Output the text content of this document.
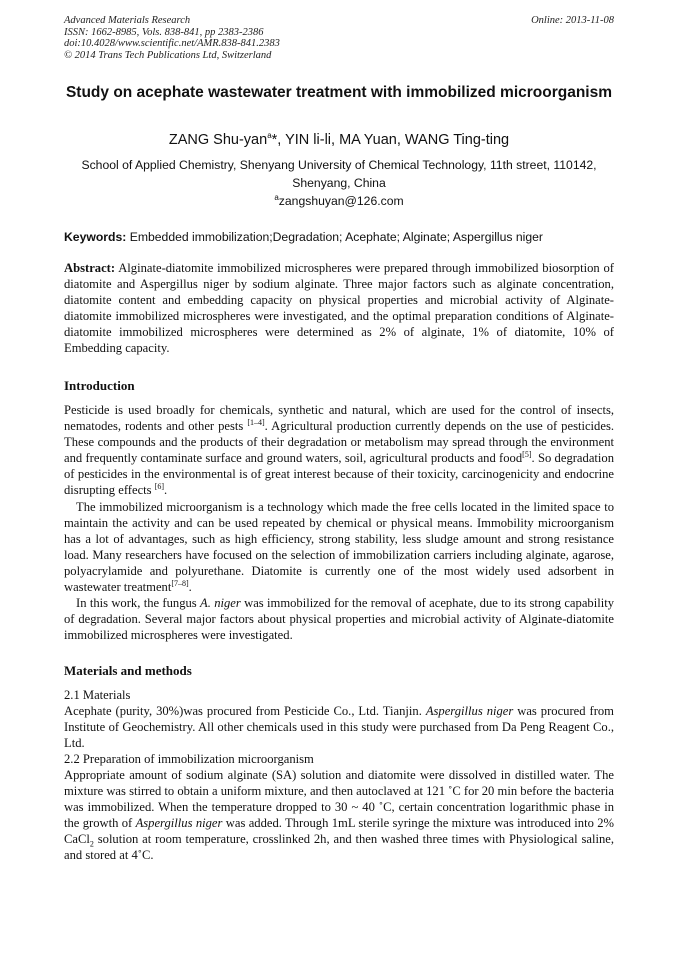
Advanced Materials Research
ISSN: 1662-8985, Vols. 838-841, pp 2383-2386
doi:10.4028/www.scientific.net/AMR.838-841.2383
© 2014 Trans Tech Publications Ltd, Switzerland
Online: 2013-11-08
Study on acephate wastewater treatment with immobilized microorganism
ZANG Shu-yan$^a$*, YIN li-li, MA Yuan, WANG Ting-ting
School of Applied Chemistry, Shenyang University of Chemical Technology, 11th street, 110142, Shenyang, China
$^a$zangshuyan@126.com
Keywords: Embedded immobilization;Degradation; Acephate; Alginate; Aspergillus niger
Abstract: Alginate-diatomite immobilized microspheres were prepared through immobilized biosorption of diatomite and Aspergillus niger by sodium alginate. Three major factors such as alginate concentration, diatomite content and embedding capacity on physical properties and microbial activity of Alginate-diatomite immobilized microspheres were investigated, and the optimal preparation conditions of Alginate-diatomite immobilized microspheres were determined as 2% of alginate, 1% of diatomite, 10% of Embedding capacity.
Introduction
Pesticide is used broadly for chemicals, synthetic and natural, which are used for the control of insects, nematodes, rodents and other pests [1–4]. Agricultural production currently depends on the use of pesticides. These compounds and the products of their degradation or metabolism may spread through the environment and frequently contaminate surface and ground waters, soil, agricultural products and food[5]. So degradation of pesticides in the environmental is of great interest because of their toxicity, carcinogenicity and endocrine disrupting effects [6].
The immobilized microorganism is a technology which made the free cells located in the limited space to maintain the activity and can be used repeated by chemical or physical means. Immobility microorganism has a lot of advantages, such as high efficiency, strong stability, less sludge amount and strong resistance load. Many researchers have focused on the selection of immobilization carriers including alginate, agarose, polyacrylamide and polyurethane. Diatomite is currently one of the most widely used adsorbent in wastewater treatment[7–8].
In this work, the fungus A. niger was immobilized for the removal of acephate, due to its strong capability of degradation. Several major factors about physical properties and microbial activity of Alginate-diatomite immobilized microspheres were investigated.
Materials and methods
2.1 Materials
Acephate (purity, 30%)was procured from Pesticide Co., Ltd. Tianjin. Aspergillus niger was procured from Institute of Geochemistry. All other chemicals used in this study were purchased from Da Peng Reagent Co., Ltd.
2.2 Preparation of immobilization microorganism
Appropriate amount of sodium alginate (SA) solution and diatomite were dissolved in distilled water. The mixture was stirred to obtain a uniform mixture, and then autoclaved at 121 ˚C for 20 min before the bacteria was immobilized. When the temperature dropped to 30 ~ 40 ˚C, certain concentration logarithmic phase in the growth of Aspergillus niger was added. Through 1mL sterile syringe the mixture was introduced into 2% CaCl$_2$ solution at room temperature, crosslinked 2h, and then washed three times with Physiological saline, and stored at 4˚C.
